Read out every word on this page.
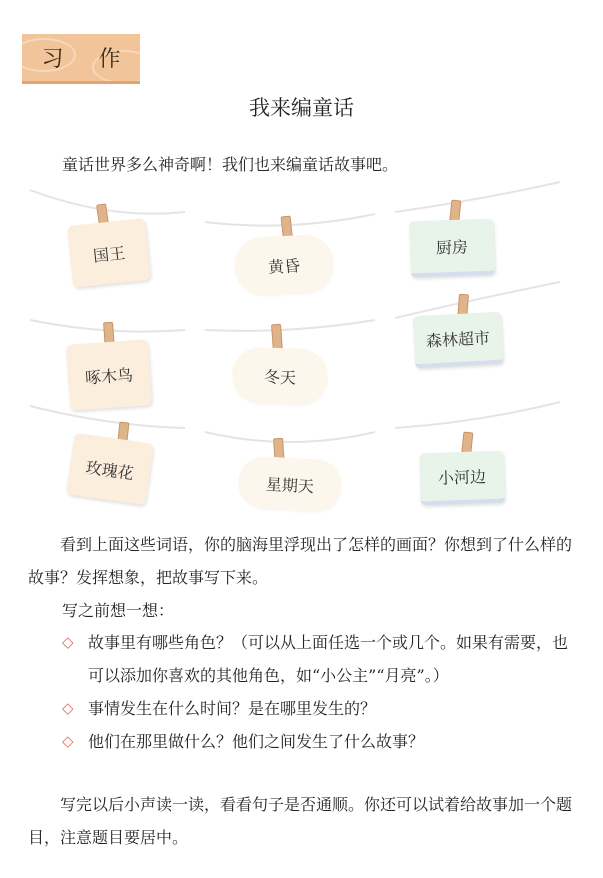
习 作
我来编童话

童话世界多么神奇啊！我们也来编童话故事吧。

国王
黄昏
厨房
啄木鸟	冬天
森林超市
玫瑰花
星期天	小河边

看到上面这些词语，你的脑海里浮现出了怎样的画面？你想到了什么样的故事？发挥想象，把故事写下来。

写之前想一想：

◇ 故事里有哪些角色？（可以从上面任选一个或几个。如果有需要，也可以添加你喜欢的其他角色，如“小公主”“月亮”。）
◇ 事情发生在什么时间？是在哪里发生的？
◇ 他们在那里做什么？他们之间发生了什么故事？

写完以后小声读一读，看看句子是否通顺。你还可以试着给故事加一个题目，注意题目要居中。
